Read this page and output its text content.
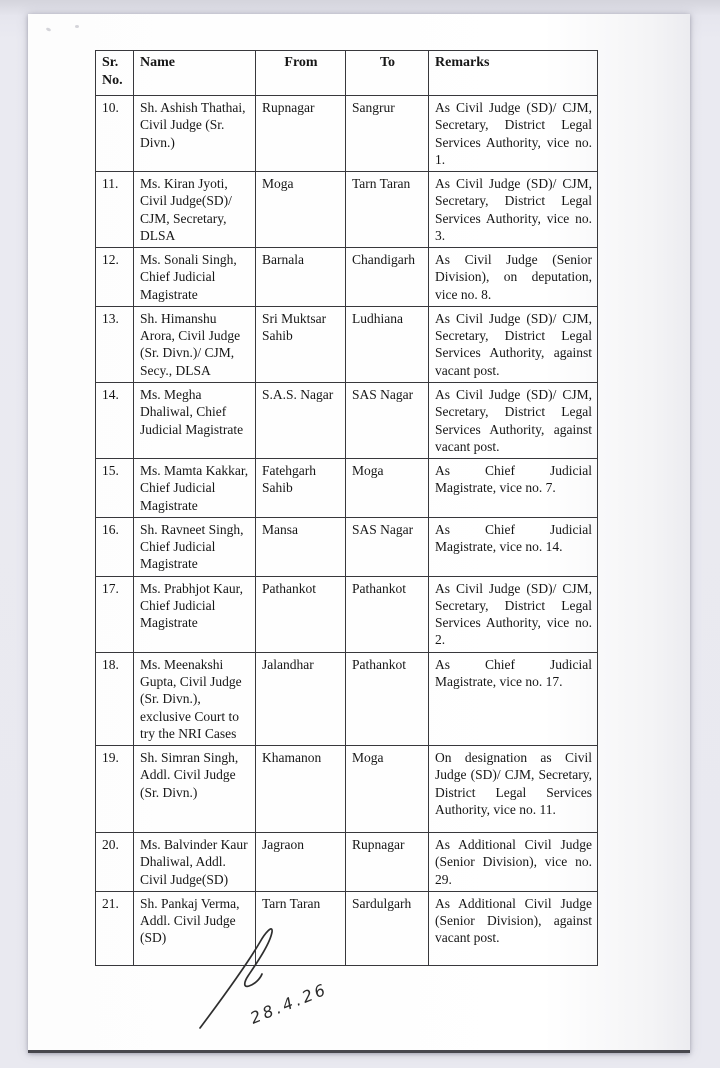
Sr. No.	Name	From	To	Remarks
10.	Sh. Ashish Thathai, Civil Judge (Sr. Divn.)	Rupnagar	Sangrur	As Civil Judge (SD)/ CJM, Secretary, District Legal Services Authority, vice no. 1.
11.	Ms. Kiran Jyoti, Civil Judge(SD)/ CJM, Secretary, DLSA	Moga	Tarn Taran	As Civil Judge (SD)/ CJM, Secretary, District Legal Services Authority, vice no. 3.
12.	Ms. Sonali Singh, Chief Judicial Magistrate	Barnala	Chandigarh	As Civil Judge (Senior Division), on deputation, vice no. 8.
13.	Sh. Himanshu Arora, Civil Judge (Sr. Divn.)/ CJM, Secy., DLSA	Sri Muktsar Sahib	Ludhiana	As Civil Judge (SD)/ CJM, Secretary, District Legal Services Authority, against vacant post.
14.	Ms. Megha Dhaliwal, Chief Judicial Magistrate	S.A.S. Nagar	SAS Nagar	As Civil Judge (SD)/ CJM, Secretary, District Legal Services Authority, against vacant post.
15.	Ms. Mamta Kakkar, Chief Judicial Magistrate	Fatehgarh Sahib	Moga	As Chief Judicial Magistrate, vice no. 7.
16.	Sh. Ravneet Singh, Chief Judicial Magistrate	Mansa	SAS Nagar	As Chief Judicial Magistrate, vice no. 14.
17.	Ms. Prabhjot Kaur, Chief Judicial Magistrate	Pathankot	Pathankot	As Civil Judge (SD)/ CJM, Secretary, District Legal Services Authority, vice no. 2.
18.	Ms. Meenakshi Gupta, Civil Judge (Sr. Divn.), exclusive Court to try the NRI Cases	Jalandhar	Pathankot	As Chief Judicial Magistrate, vice no. 17.
19.	Sh. Simran Singh, Addl. Civil Judge (Sr. Divn.)	Khamanon	Moga	On designation as Civil Judge (SD)/ CJM, Secretary, District Legal Services Authority, vice no. 11.
20.	Ms. Balvinder Kaur Dhaliwal, Addl. Civil Judge(SD)	Jagraon	Rupnagar	As Additional Civil Judge (Senior Division), vice no. 29.
21.	Sh. Pankaj Verma, Addl. Civil Judge (SD)	Tarn Taran	Sardulgarh	As Additional Civil Judge (Senior Division), against vacant post.
28.4.26
